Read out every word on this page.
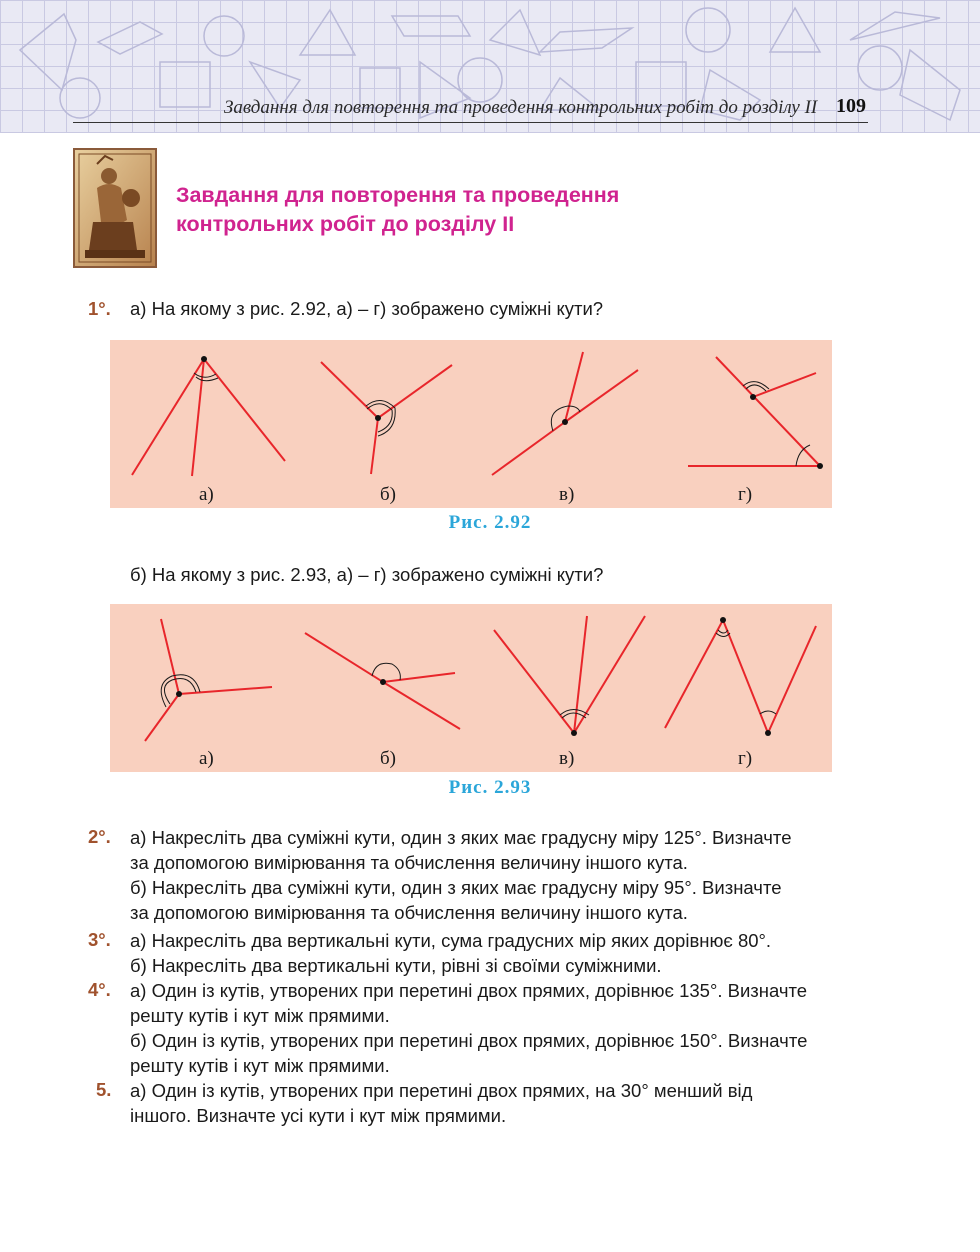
Завдання для повторення та проведення контрольних робіт до розділу II 109
Завдання для повторення та проведення
контрольних робіт до розділу II
1°. а) На якому з рис. 2.92, а) – г) зображено суміжні кути?
а)	б)	в)	г)
Рис. 2.92
б) На якому з рис. 2.93, а) – г) зображено суміжні кути?
а)	б)	в)	г)
Рис. 2.93
2°. а) Накресліть два суміжні кути, один з яких має градусну міру 125°. Визначте
за допомогою вимірювання та обчислення величину іншого кута.
б) Накресліть два суміжні кути, один з яких має градусну міру 95°. Визначте
за допомогою вимірювання та обчислення величину іншого кута.
3°. а) Накресліть два вертикальні кути, сума градусних мір яких дорівнює 80°.
б) Накресліть два вертикальні кути, рівні зі своїми суміжними.
4°. а) Один із кутів, утворених при перетині двох прямих, дорівнює 135°. Визначте
решту кутів і кут між прямими.
б) Один із кутів, утворених при перетині двох прямих, дорівнює 150°. Визначте
решту кутів і кут між прямими.
5. а) Один із кутів, утворених при перетині двох прямих, на 30° менший від
іншого. Визначте усі кути і кут між прямими.
